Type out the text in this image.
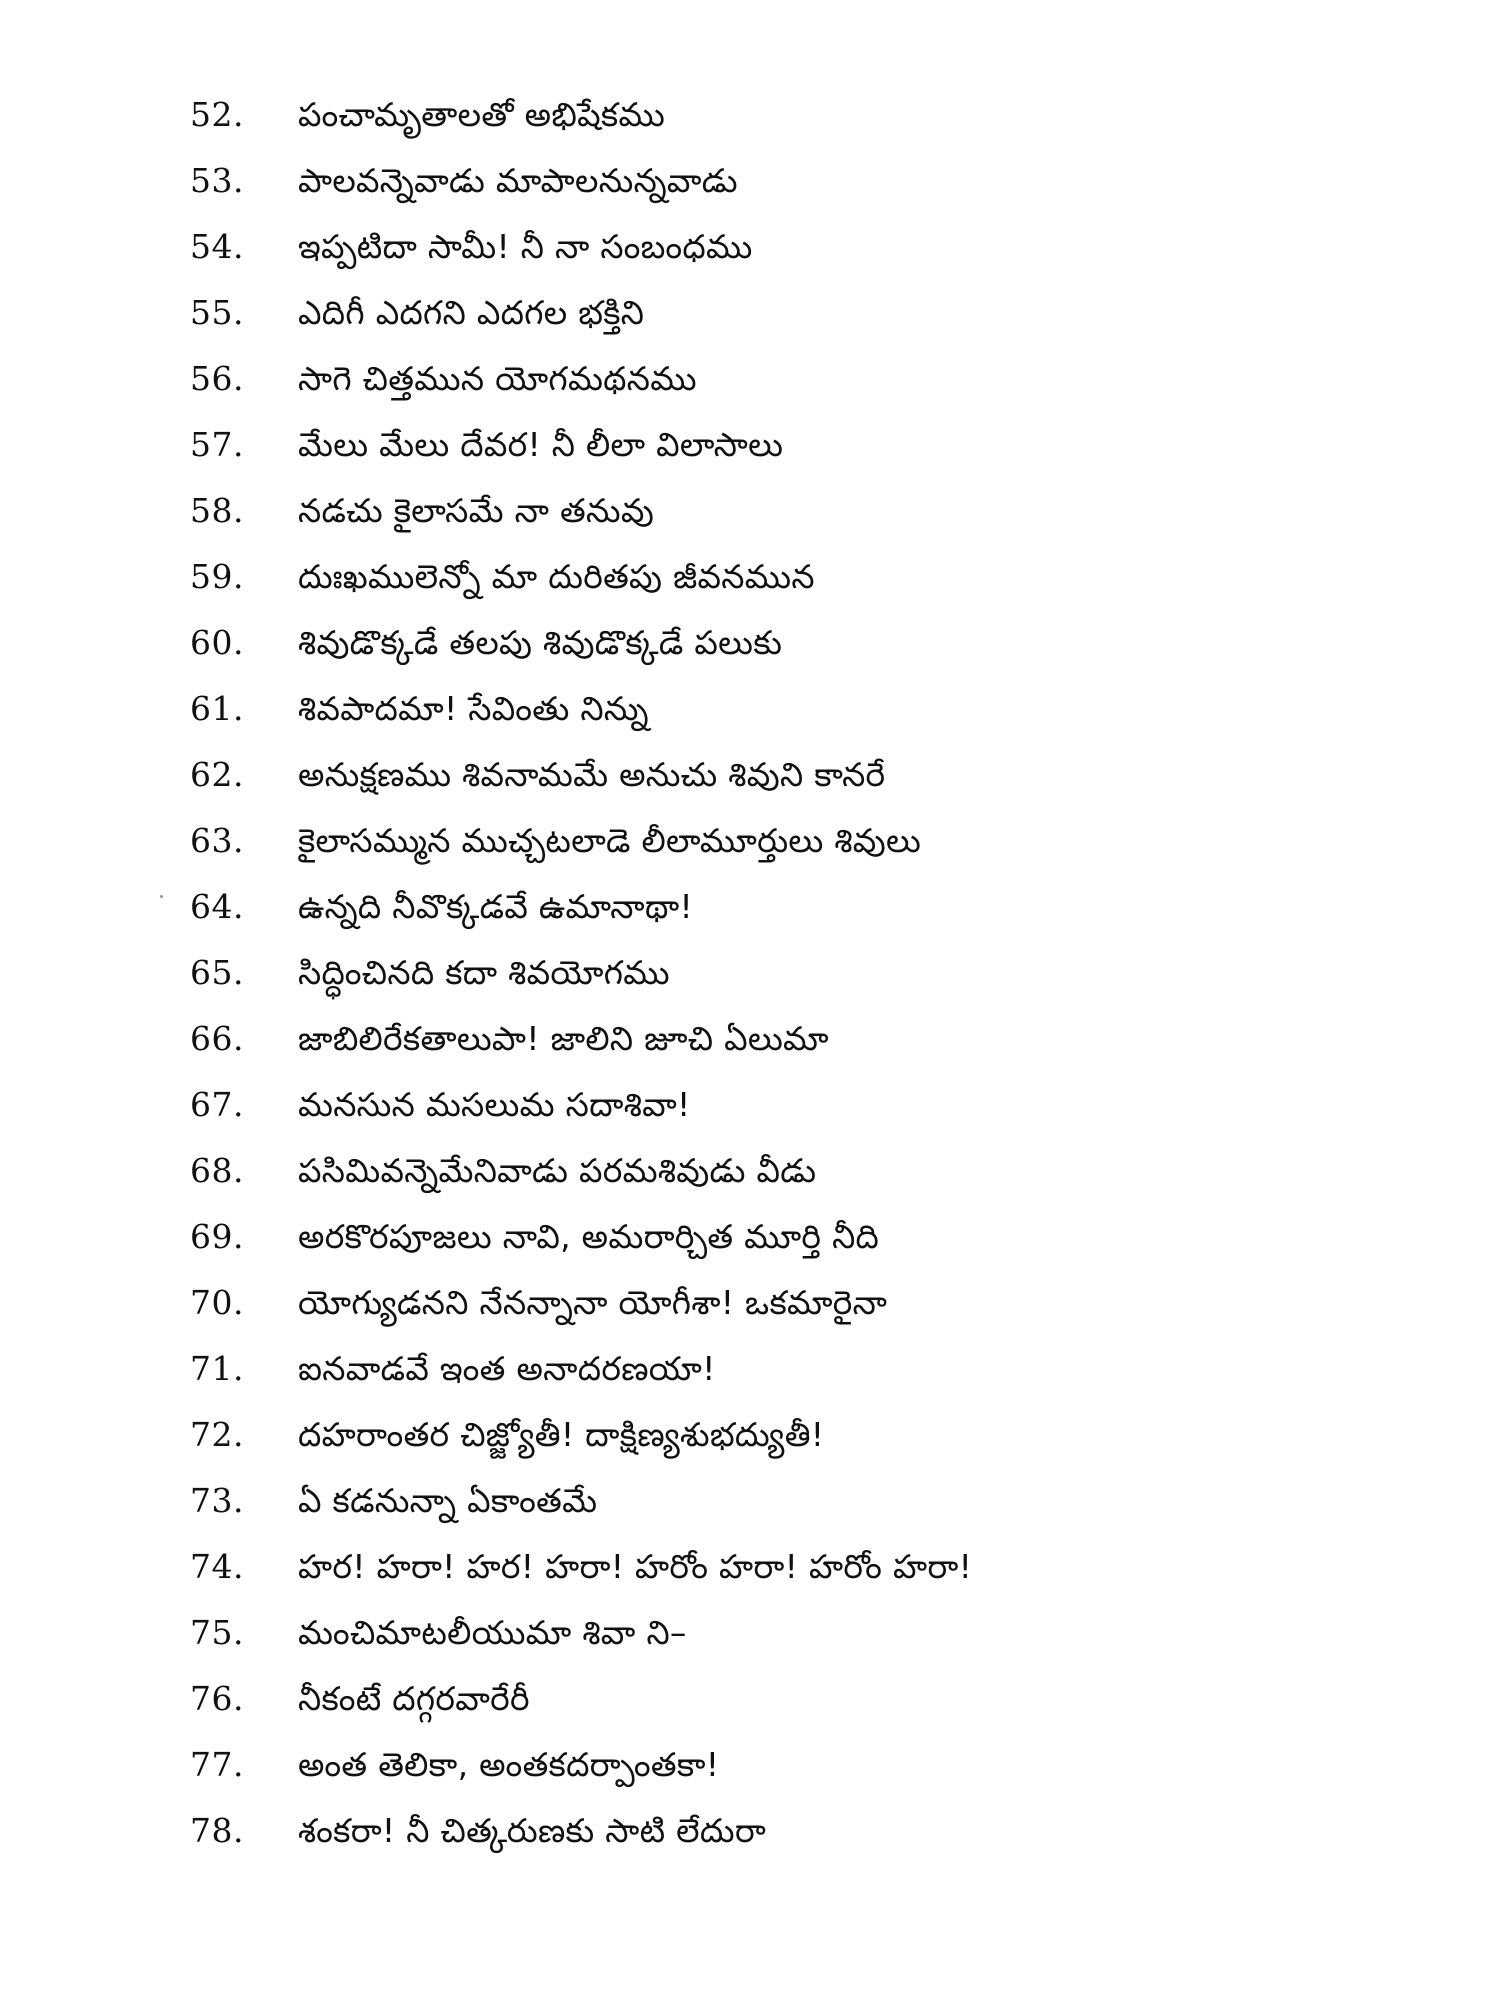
52.	పంచామృతాలతో అభిషేకము
53.	పాలవన్నెవాడు మాపాలనున్నవాడు
54.	ఇప్పటిదా సామీ! నీ నా సంబంధము
55.	ఎదిగీ ఎదగని ఎదగల భక్తిని
56.	సాగె చిత్తమున యోగమథనము
57.	మేలు మేలు దేవర! నీ లీలా విలాసాలు
58.	నడచు కైలాసమే నా తనువు
59.	దుఃఖములెన్నో మా దురితపు జీవనమున
60.	శివుడొక్కడే తలపు శివుడొక్కడే పలుకు
61.	శివపాదమా! సేవింతు నిన్ను
62.	అనుక్షణము శివనామమే అనుచు శివుని కానరే
63.	కైలాసమ్మున ముచ్చటలాడె లీలామూర్తులు శివులు
64.	ఉన్నది నీవొక్కడవే ఉమానాథా!
65.	సిద్ధించినది కదా శివయోగము
66.	జాబిలిరేకతాలుపా! జాలిని జూచి ఏలుమా
67.	మనసున మసలుమ సదాశివా!
68.	పసిమివన్నెమేనివాడు పరమశివుడు వీడు
69.	అరకొరపూజలు నావి, అమరార్చిత మూర్తి నీది
70.	యోగ్యుడనని నేనన్నానా యోగీశా! ఒకమారైనా
71.	ఐనవాడవే ఇంత అనాదరణయా!
72.	దహరాంతర చిజ్జ్యోతీ! దాక్షిణ్యశుభద్యుతీ!
73.	ఏ కడనున్నా ఏకాంతమే
74.	హర! హరా! హర! హరా! హరోం హరా! హరోం హరా!
75.	మంచిమాటలీయుమా శివా ని–
76.	నీకంటే దగ్గరవారేరీ
77.	అంత తెలికా, అంతకదర్పాంతకా!
78.	శంకరా! నీ చిత్కరుణకు సాటి లేదురా
